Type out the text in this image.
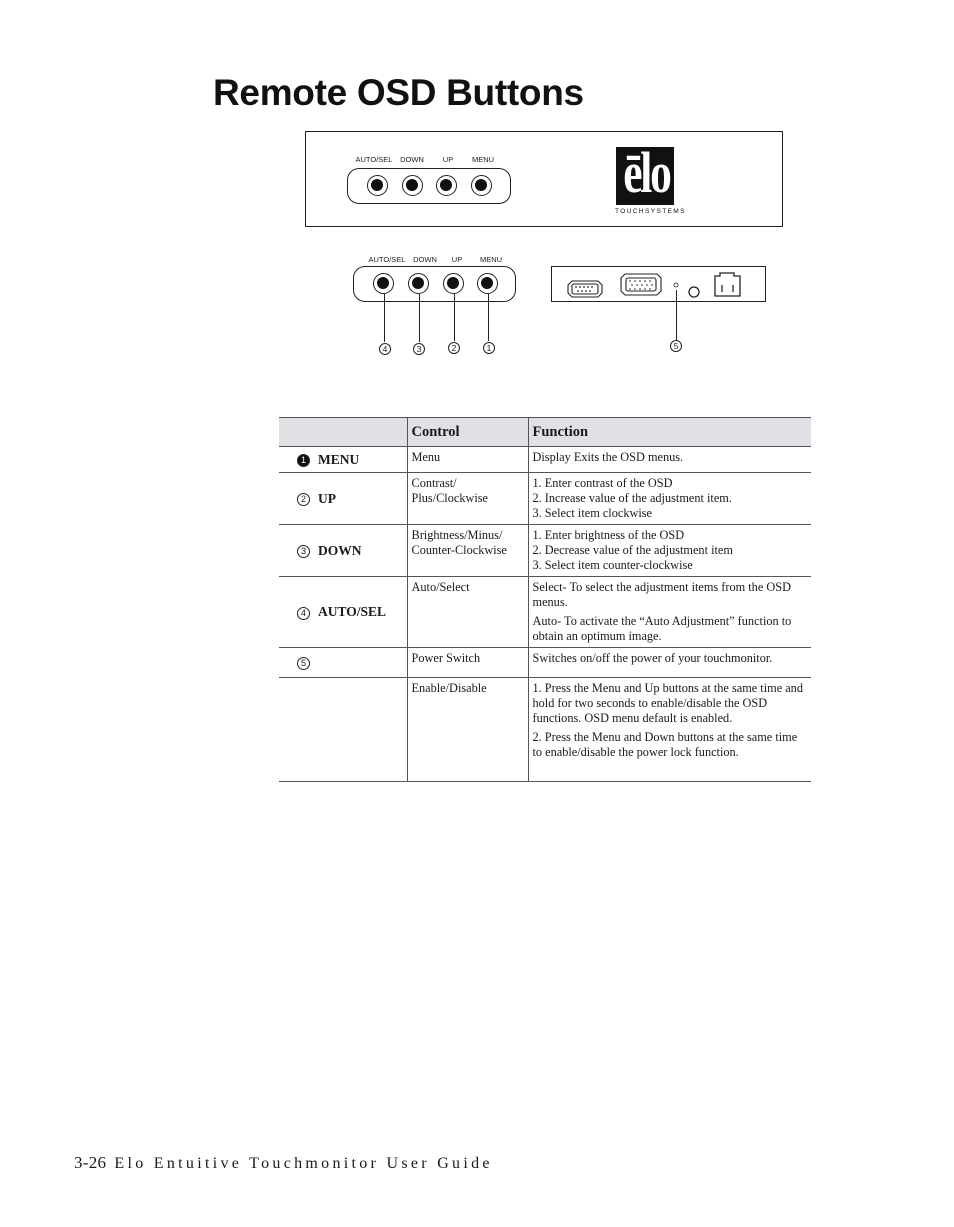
Remote OSD Buttons
AUTO/SEL DOWN	UP MENU ēlo
TOUCHSYSTEMS
AUTO/SEL DOWN UP MENU
4	3	2	1	5
	Control	Function
1 MENU	Menu	Display Exits the OSD menus.

2 UP	Contrast/ Plus/Clockwise	1. Enter contrast of the OSD
2. Increase value of the adjustment item.
3. Select item clockwise

3 DOWN	Brightness/Minus/ Counter-Clockwise	1. Enter brightness of the OSD
2. Decrease value of the adjustment item
3. Select item counter-clockwise

4 AUTO/SEL	Auto/Select	Select- To select the adjustment items from the OSD menus.

Auto- To activate the “Auto Adjustment” function to obtain an optimum image.

5	Power Switch	Switches on/off the power of your touchmonitor.

	Enable/Disable	1. Press the Menu and Up buttons at the same time and hold for two seconds to enable/disable the OSD functions. OSD menu default is enabled.

2. Press the Menu and Down buttons at the same time to enable/disable the power lock function.

3-26 Elo Entuitive Touchmonitor User Guide
